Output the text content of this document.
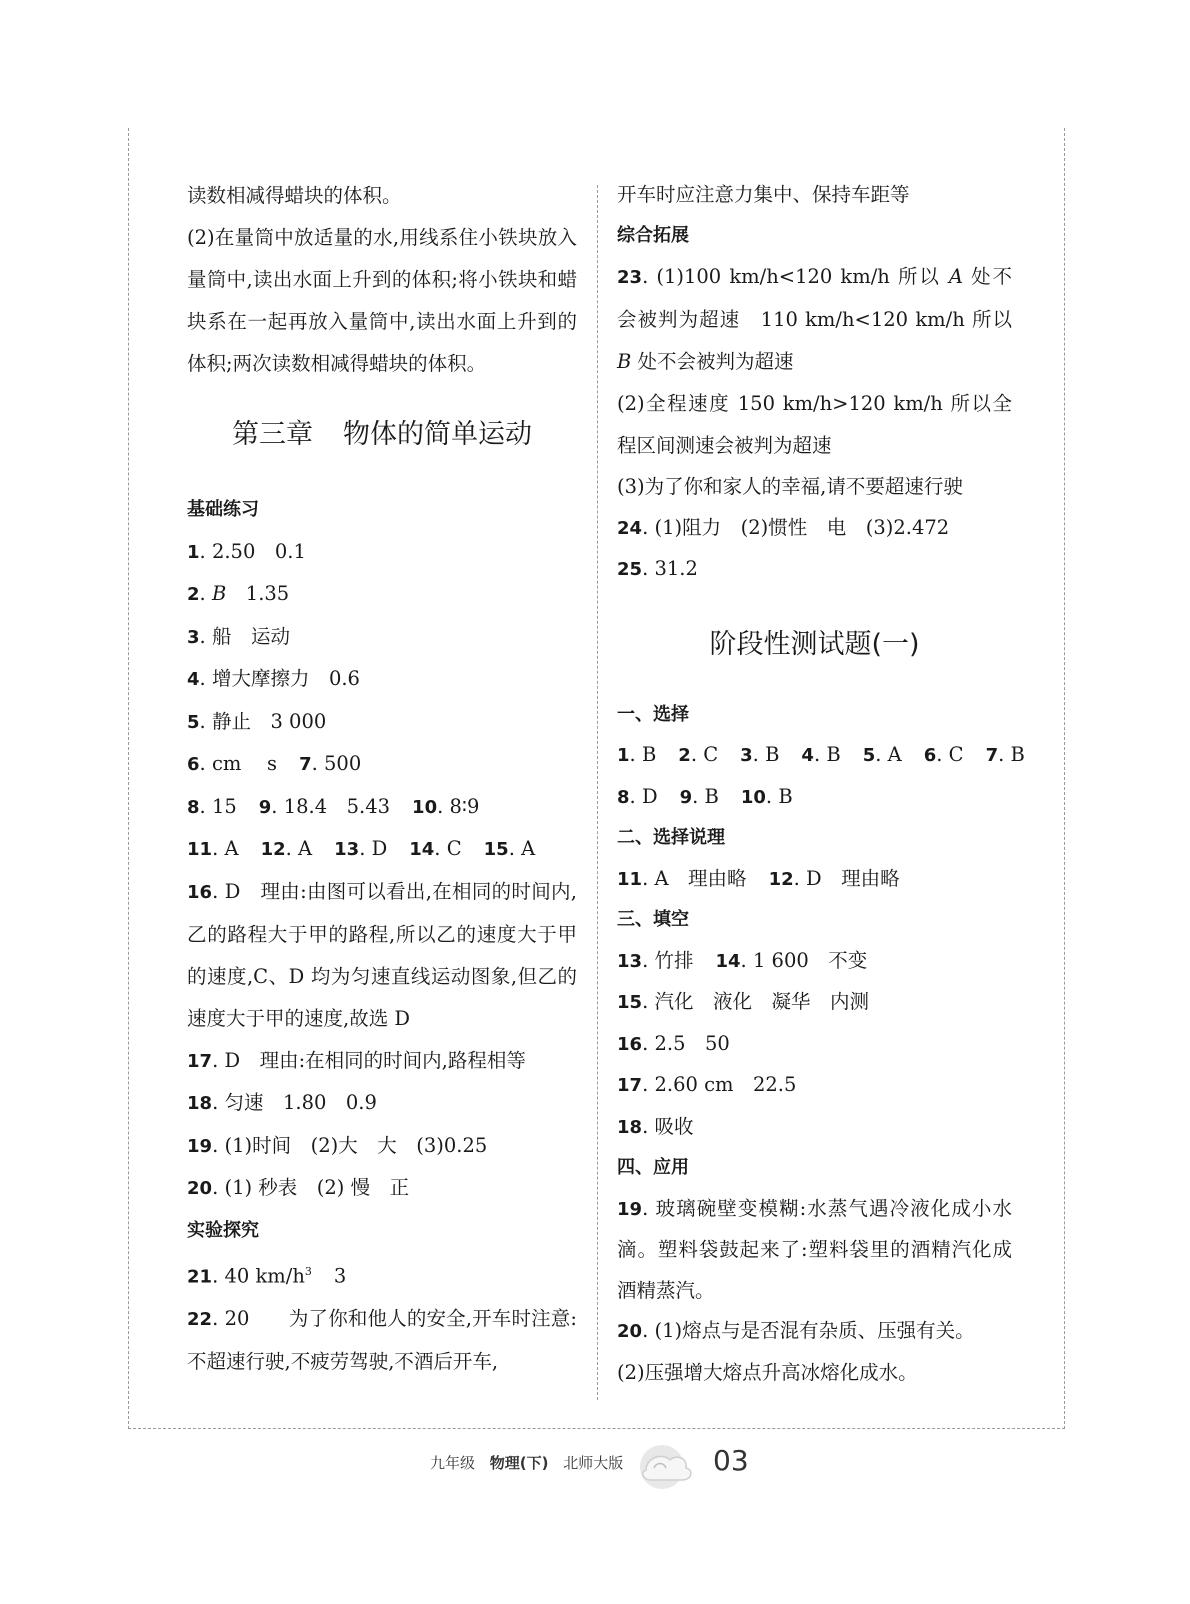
读数相减得蜡块的体积。
(2)在量筒中放适量的水,用线系住小铁块放入量筒中,读出水面上升到的体积;将小铁块和蜡块系在一起再放入量筒中,读出水面上升到的体积;两次读数相减得蜡块的体积。
第三章 物体的简单运动
基础练习
1. 2.50　0.1
2. B　 1.35
3. 船　运动
4. 增大摩擦力　0.6
5. 静止　3 000
6. cm　 s 7. 500
8. 15 9. 18.4　5.43 10. 8∶9
11. A 12. A 13. D 14. C 15. A
16. D　理由:由图可以看出,在相同的时间内,乙的路程大于甲的路程,所以乙的速度大于甲的速度,C、D 均为匀速直线运动图象,但乙的速度大于甲的速度,故选 D
17. D　理由:在相同的时间内,路程相等
18. 匀速　1.80　0.9
19. (1)时间　(2)大　大　(3)0.25
20. (1) 秒表　(2) 慢　正
实验探究
21. 40 $km/h^3$ 3
22. 20　　为了你和他人的安全,开车时注意:不超速行驶,不疲劳驾驶,不酒后开车,
开车时应注意力集中、保持车距等
综合拓展
23. (1)100 km/h<120 km/h 所以 A 处不会被判为超速　110 km/h<120 km/h 所以 B 处不会被判为超速
(2)全程速度 150 km/h>120 km/h 所以全程区间测速会被判为超速
(3)为了你和家人的幸福,请不要超速行驶
24. (1)阻力　(2)惯性　电　(3)2.472
25. 31.2
阶段性测试题(一)
一、选择
1. B 2. C 3. B 4. B 5. A 6. C 7. B
8. D 9. B 10. B
二、选择说理
11. A　理由略 12. D　理由略
三、填空
13. 竹排 14. 1 600　不变
15. 汽化　液化　凝华　内测
16. 2.5　50
17. 2.60 cm　22.5
18. 吸收
四、应用
19. 玻璃碗壁变模糊:水蒸气遇冷液化成小水滴。塑料袋鼓起来了:塑料袋里的酒精汽化成酒精蒸汽。
20. (1)熔点与是否混有杂质、压强有关。
(2)压强增大熔点升高冰熔化成水。
九年级 物理(下) 北师大版	03
